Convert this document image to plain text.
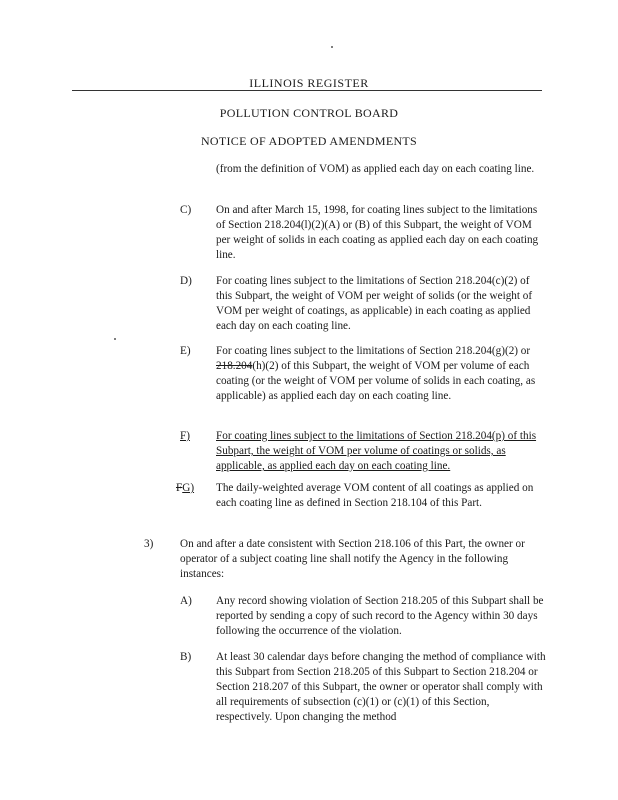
ILLINOIS REGISTER
POLLUTION CONTROL BOARD
NOTICE OF ADOPTED AMENDMENTS
(from the definition of VOM) as applied each day on each coating line.
C) On and after March 15, 1998, for coating lines subject to the limitations of Section 218.204(l)(2)(A) or (B) of this Subpart, the weight of VOM per weight of solids in each coating as applied each day on each coating line.
D) For coating lines subject to the limitations of Section 218.204(c)(2) of this Subpart, the weight of VOM per weight of solids (or the weight of VOM per weight of coatings, as applicable) in each coating as applied each day on each coating line.
E) For coating lines subject to the limitations of Section 218.204(g)(2) or 218.204(h)(2) of this Subpart, the weight of VOM per volume of each coating (or the weight of VOM per volume of solids in each coating, as applicable) as applied each day on each coating line.
F) For coating lines subject to the limitations of Section 218.204(p) of this Subpart, the weight of VOM per volume of coatings or solids, as applicable, as applied each day on each coating line.
FG) The daily-weighted average VOM content of all coatings as applied on each coating line as defined in Section 218.104 of this Part.
3) On and after a date consistent with Section 218.106 of this Part, the owner or operator of a subject coating line shall notify the Agency in the following instances:
A) Any record showing violation of Section 218.205 of this Subpart shall be reported by sending a copy of such record to the Agency within 30 days following the occurrence of the violation.
B) At least 30 calendar days before changing the method of compliance with this Subpart from Section 218.205 of this Subpart to Section 218.204 or Section 218.207 of this Subpart, the owner or operator shall comply with all requirements of subsection (c)(1) or (c)(1) of this Section, respectively. Upon changing the method
